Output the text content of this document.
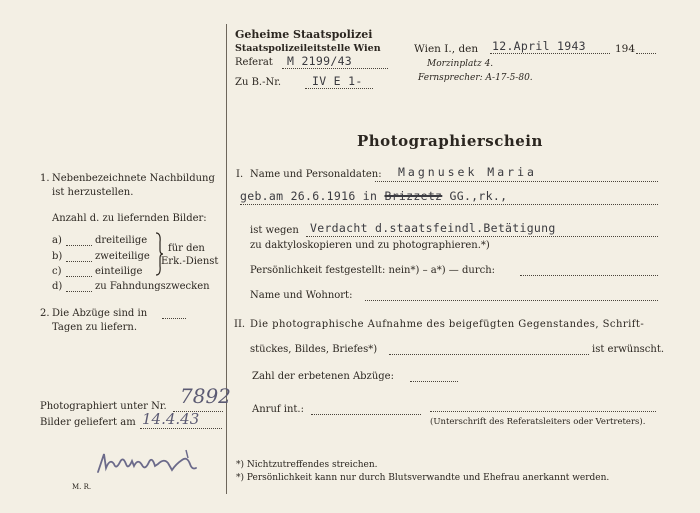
Geheime Staatspolizei
Staatspolizeileitstelle Wien
Referat M 2199/43
Zu B.-Nr.	IV E 1-
Wien I., den 12.April 1943	194
Morzinplatz 4.
Fernsprecher: A-17-5-80.
Photographierschein
1. Nebenbezeichnete Nachbildung
ist herzustellen.
Anzahl d. zu liefernden Bilder:
a)	dreiteilige
b)	zweiteilige
c)	einteilige
d)	zu Fahndungszwecken
für den
Erk.-Dienst
2. Die Abzüge sind in
Tagen zu liefern.
Photographiert unter Nr. 7892
Bilder geliefert am 14.4.43
M. R.
I. Name und Personaldaten: Magnusek Maria
geb.am 26.6.1916 in Brizzetz GG.,rk.,
ist wegen Verdacht d.staatsfeindl.Betätigung
zu daktyloskopieren und zu photographieren.*)
Persönlichkeit festgestellt: nein*) – a*) — durch:
Name und Wohnort:
II. Die photographische Aufnahme des beigefügten Gegenstandes, Schrift-
stückes, Bildes, Briefes*)	ist erwünscht.
Zahl der erbetenen Abzüge:
Anruf int.:
(Unterschrift des Referatsleiters oder Vertreters).
*) Nichtzutreffendes streichen.
*) Persönlichkeit kann nur durch Blutsverwandte und Ehefrau anerkannt werden.
